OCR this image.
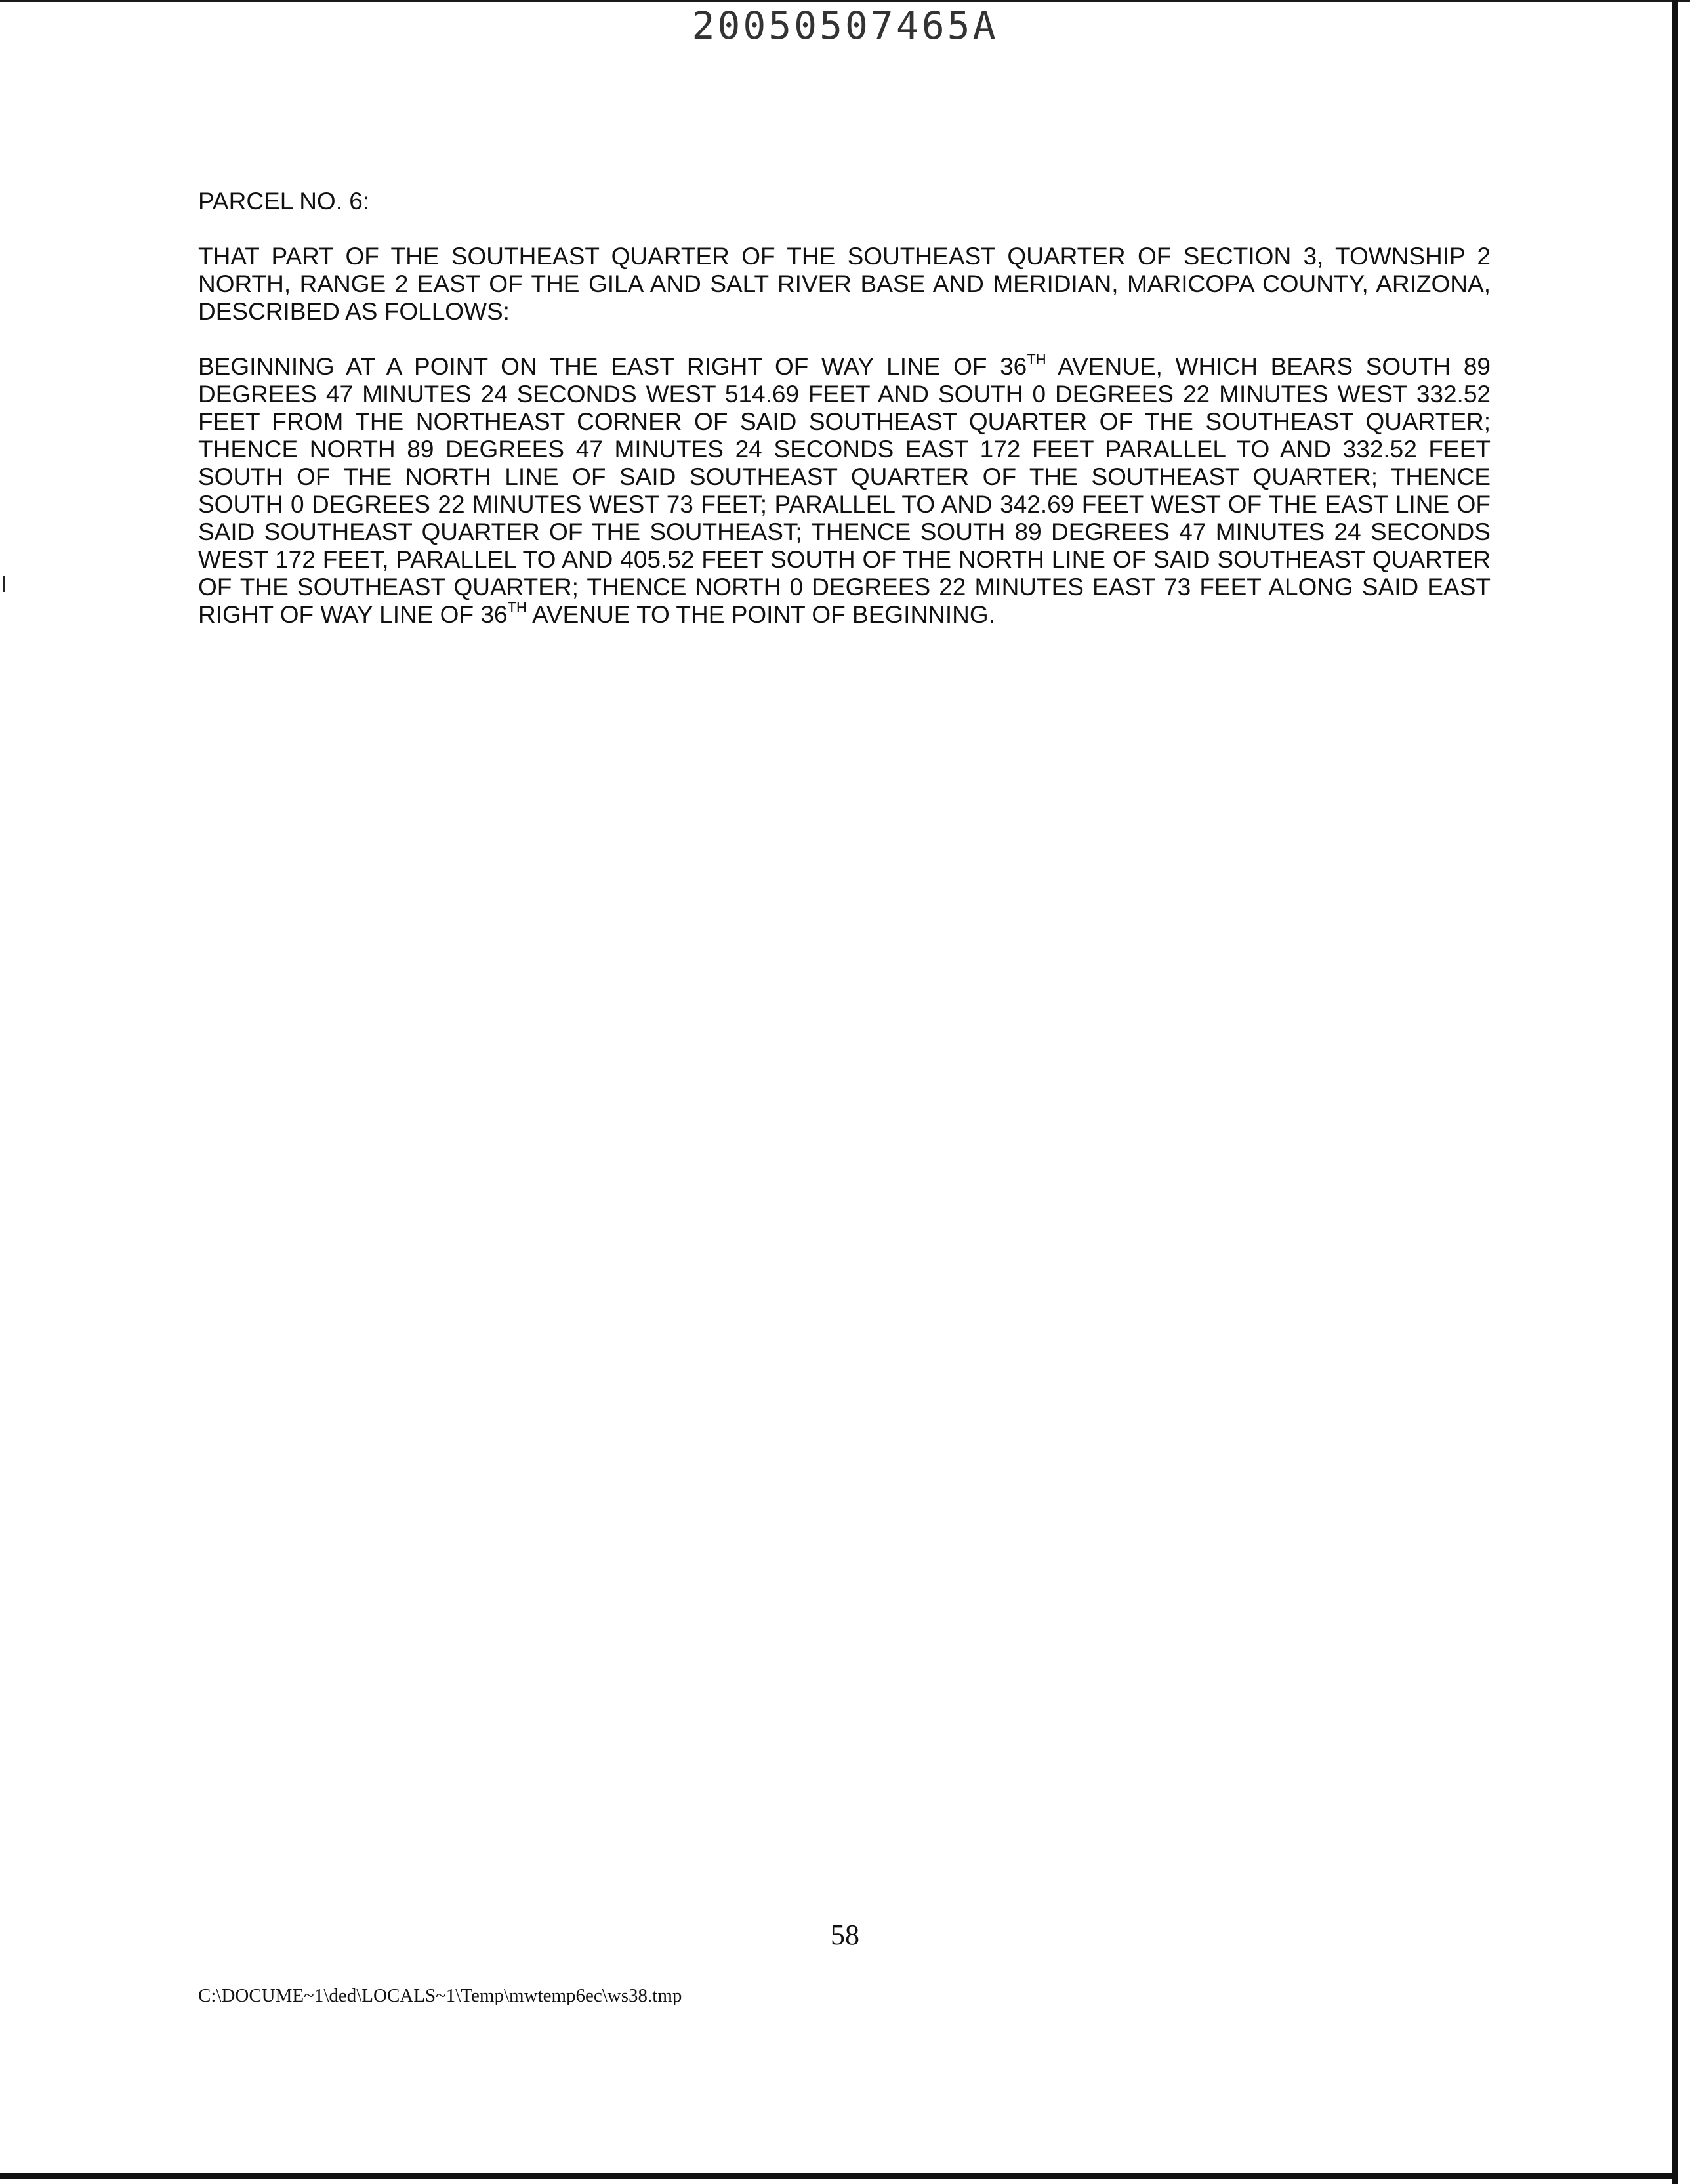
20050507465A

PARCEL NO. 6:

THAT PART OF THE SOUTHEAST QUARTER OF THE SOUTHEAST QUARTER OF SECTION 3, TOWNSHIP 2 NORTH, RANGE 2 EAST OF THE GILA AND SALT RIVER BASE AND MERIDIAN, MARICOPA COUNTY, ARIZONA, DESCRIBED AS FOLLOWS:

BEGINNING AT A POINT ON THE EAST RIGHT OF WAY LINE OF 36TH AVENUE, WHICH BEARS SOUTH 89 DEGREES 47 MINUTES 24 SECONDS WEST 514.69 FEET AND SOUTH 0 DEGREES 22 MINUTES WEST 332.52 FEET FROM THE NORTHEAST CORNER OF SAID SOUTHEAST QUARTER OF THE SOUTHEAST QUARTER; THENCE NORTH 89 DEGREES 47 MINUTES 24 SECONDS EAST 172 FEET PARALLEL TO AND 332.52 FEET SOUTH OF THE NORTH LINE OF SAID SOUTHEAST QUARTER OF THE SOUTHEAST QUARTER; THENCE SOUTH 0 DEGREES 22 MINUTES WEST 73 FEET; PARALLEL TO AND 342.69 FEET WEST OF THE EAST LINE OF SAID SOUTHEAST QUARTER OF THE SOUTHEAST; THENCE SOUTH 89 DEGREES 47 MINUTES 24 SECONDS WEST 172 FEET, PARALLEL TO AND 405.52 FEET SOUTH OF THE NORTH LINE OF SAID SOUTHEAST QUARTER OF THE SOUTHEAST QUARTER; THENCE NORTH 0 DEGREES 22 MINUTES EAST 73 FEET ALONG SAID EAST RIGHT OF WAY LINE OF 36TH AVENUE TO THE POINT OF BEGINNING.

58
C:\DOCUME~1\ded\LOCALS~1\Temp\mwtemp6ec\ws38.tmp
